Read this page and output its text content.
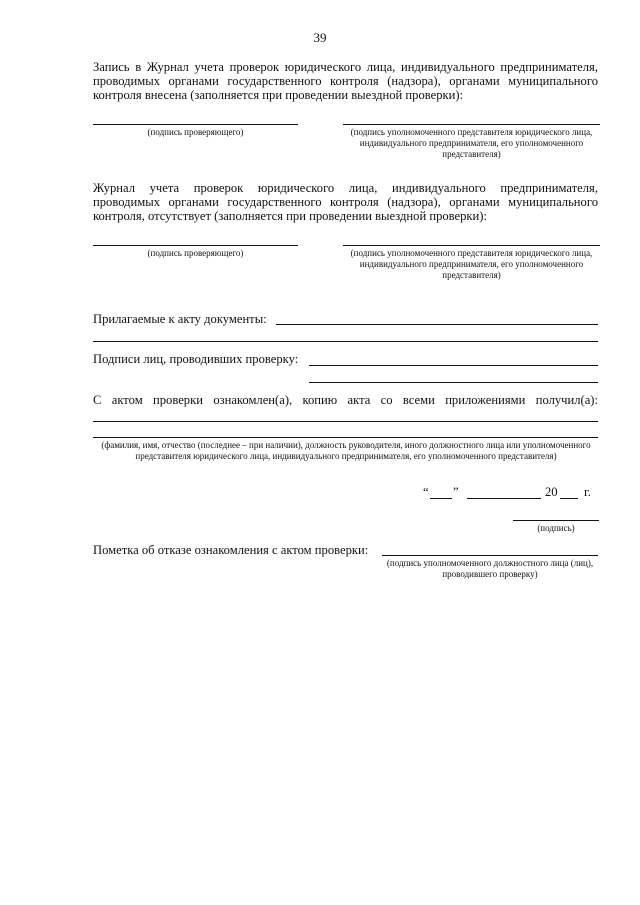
39
Запись в Журнал учета проверок юридического лица, индивидуального предпринимателя, проводимых органами государственного контроля (надзора), органами муниципального контроля внесена (заполняется при проведении выездной проверки):
(подпись проверяющего)	(подпись уполномоченного представителя юридического лица, индивидуального предпринимателя, его уполномоченного представителя)
Журнал учета проверок юридического лица, индивидуального предпринимателя, проводимых органами государственного контроля (надзора), органами муниципального контроля, отсутствует (заполняется при проведении выездной проверки):
(подпись проверяющего)	(подпись уполномоченного представителя юридического лица, индивидуального предпринимателя, его уполномоченного представителя)
Прилагаемые к акту документы:
Подписи лиц, проводивших проверку:
С актом проверки ознакомлен(а), копию акта со всеми приложениями получил(а):
(фамилия, имя, отчество (последнее – при наличии), должность руководителя, иного должностного лица или уполномоченного представителя юридического лица, индивидуального предпринимателя, его уполномоченного представителя)
“ ”	20 г.
(подпись)
Пометка об отказе ознакомления с актом проверки:
(подпись уполномоченного должностного лица (лиц), проводившего проверку)
